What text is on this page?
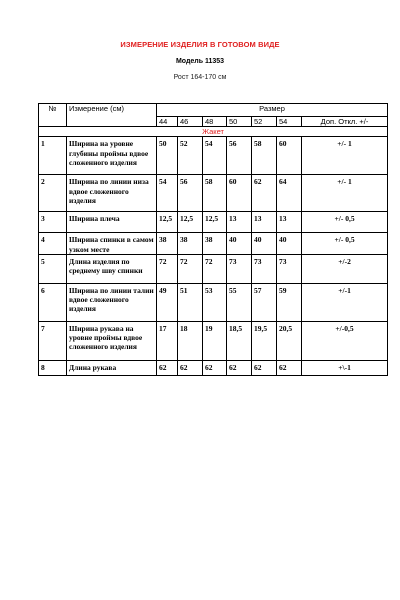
ИЗМЕРЕНИЕ ИЗДЕЛИЯ В ГОТОВОМ ВИДЕ
Модель 11353
Рост 164-170 см
№	Измерение (см)	Размер						
		44	46	48	50	52	54	Доп. Откл. +/-
Жакет								
1	Ширина на уровне глубины проймы вдвое сложенного изделия	50	52	54	56	58	60	+/- 1
2	Ширина по линии низа вдвое сложенного изделия	54	56	58	60	62	64	+/- 1
3	Ширина плеча	12,5	12,5	12,5	13	13	13	+/- 0,5
4	Ширина спинки в самом узком месте	38	38	38	40	40	40	+/- 0,5
5	Длина изделия по среднему шву спинки	72	72	72	73	73	73	+/-2
6	Ширина по линии талии вдвое сложенного изделия	49	51	53	55	57	59	+/-1
7	Ширина рукава на уровне проймы вдвое сложенного изделия	17	18	19	18,5	19,5	20,5	+/-0,5
8	Длина рукава	62	62	62	62	62	62	+\-1
